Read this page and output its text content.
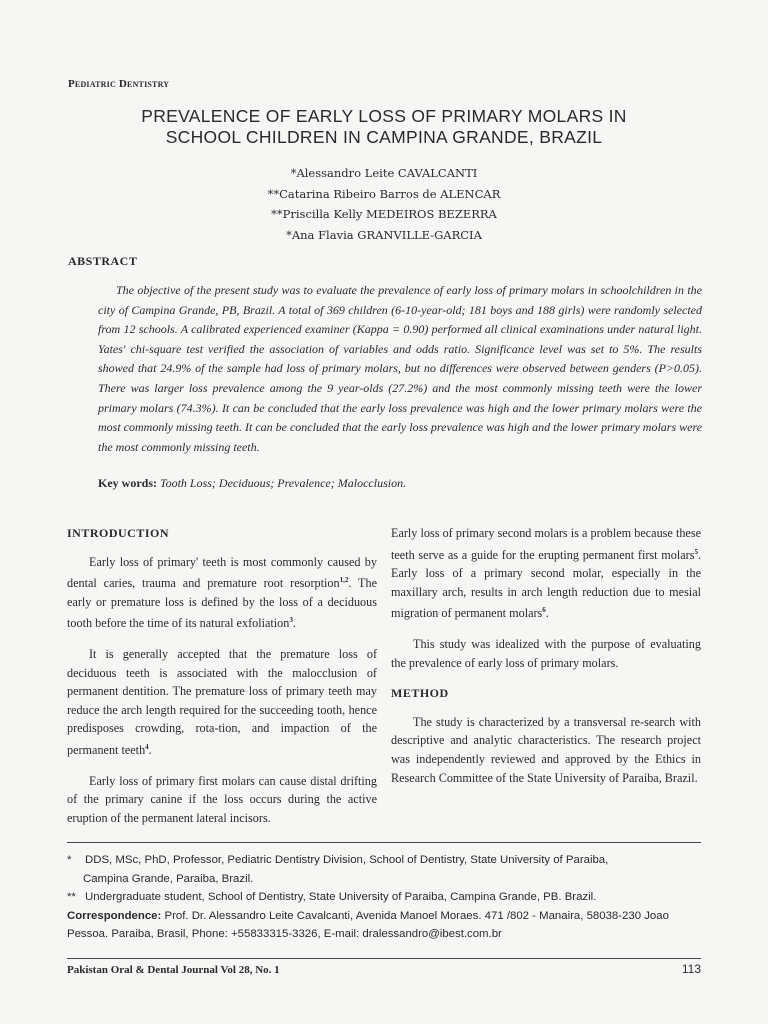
Pediatric Dentistry
PREVALENCE OF EARLY LOSS OF PRIMARY MOLARS IN
SCHOOL CHILDREN IN CAMPINA GRANDE, BRAZIL
*Alessandro Leite CAVALCANTI
**Catarina Ribeiro Barros de ALENCAR
**Priscilla Kelly MEDEIROS BEZERRA
*Ana Flavia GRANVILLE-GARCIA
ABSTRACT
The objective of the present study was to evaluate the prevalence of early loss of primary molars in schoolchildren in the city of Campina Grande, PB, Brazil. A total of 369 children (6-10-year-old; 181 boys and 188 girls) were randomly selected from 12 schools. A calibrated experienced examiner (Kappa = 0.90) performed all clinical examinations under natural light. Yates' chi-square test verified the association of variables and odds ratio. Significance level was set to 5%. The results showed that 24.9% of the sample had loss of primary molars, but no differences were observed between genders (P>0.05). There was larger loss prevalence among the 9 year-olds (27.2%) and the most commonly missing teeth were the lower primary molars (74.3%). It can be concluded that the early loss prevalence was high and the lower primary molars were the most commonly missing teeth. It can be concluded that the early loss prevalence was high and the lower primary molars were the most commonly missing teeth.
Key words: Tooth Loss; Deciduous; Prevalence; Malocclusion.
INTRODUCTION

Early loss of primary' teeth is most commonly caused by dental caries, trauma and premature root resorption$^{1,2}$. The early or premature loss is defined by the loss of a deciduous tooth before the time of its natural exfoliation$^3$.

It is generally accepted that the premature loss of deciduous teeth is associated with the malocclusion of permanent dentition. The premature loss of primary teeth may reduce the arch length required for the succeeding tooth, hence predisposes crowding, rota-tion, and impaction of the permanent teeth$^4$.

Early loss of primary first molars can cause distal drifting of the primary canine if the loss occurs during the active eruption of the permanent lateral incisors.

Early loss of primary second molars is a problem because these teeth serve as a guide for the erupting permanent first molars$^5$. Early loss of a primary second molar, especially in the maxillary arch, results in arch length reduction due to mesial migration of permanent molars$^6$.

This study was idealized with the purpose of evaluating the prevalence of early loss of primary molars.

METHOD

The study is characterized by a transversal re-search with descriptive and analytic characteristics. The research project was independently reviewed and approved by the Ethics in Research Committee of the State University of Paraiba, Brazil.

* DDS, MSc, PhD, Professor, Pediatric Dentistry Division, School of Dentistry, State University of Paraiba,

Campina Grande, Paraiba, Brazil.

** Undergraduate student, School of Dentistry, State University of Paraiba, Campina Grande, PB. Brazil.

Correspondence: Prof. Dr. Alessandro Leite Cavalcanti, Avenida Manoel Moraes. 471 /802 - Manaira, 58038-230 Joao Pessoa. Paraiba, Brasil, Phone: +55833315-3326, E-mail: dralessandro@ibest.com.br

Pakistan Oral & Dental Journal Vol 28, No. 1	113
